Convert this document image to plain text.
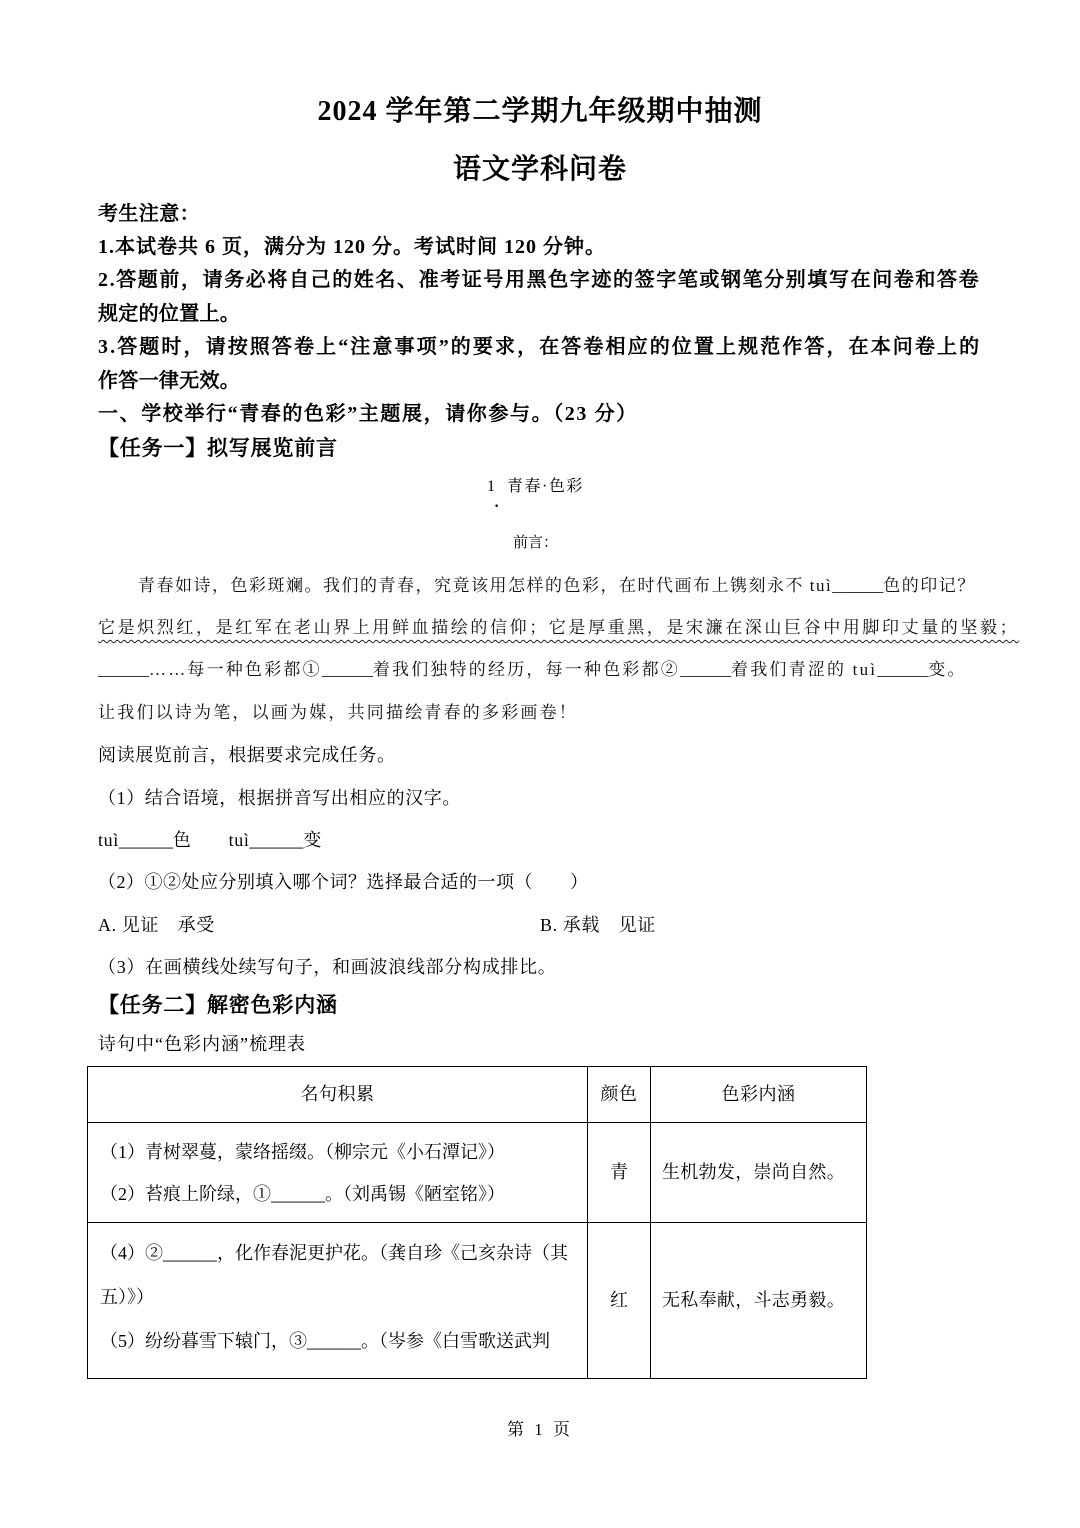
2024 学年第二学期九年级期中抽测
语文学科问卷
考生注意：
1.本试卷共 6 页，满分为 120 分。考试时间 120 分钟。
2.答题前，请务必将自己的姓名、准考证号用黑色字迹的签字笔或钢笔分别填写在问卷和答卷
规定的位置上。
3.答题时，请按照答卷上“注意事项”的要求，在答卷相应的位置上规范作答，在本问卷上的
作答一律无效。
一、学校举行“青春的色彩”主题展，请你参与。（23 分）
【任务一】拟写展览前言
1 青春·色彩
·
前言：
青春如诗，色彩斑斓。我们的青春，究竟该用怎样的色彩，在时代画布上镌刻永不 tuì______色的印记？
它是炽烈红，是红军在老山界上用鲜血描绘的信仰；它是厚重黑，是宋濂在深山巨谷中用脚印丈量的坚毅；
______……每一种色彩都①______着我们独特的经历，每一种色彩都②______着我们青涩的 tuì______变。
让我们以诗为笔，以画为媒，共同描绘青春的多彩画卷！
阅读展览前言，根据要求完成任务。
（1）结合语境，根据拼音写出相应的汉字。
tuì______色　　tuì______变
（2）①②处应分别填入哪个词？选择最合适的一项（　　）
A. 见证　承受	B. 承载　见证
（3）在画横线处续写句子，和画波浪线部分构成排比。
【任务二】解密色彩内涵
诗句中“色彩内涵”梳理表
名句积累	颜色	色彩内涵

（1）青树翠蔓，蒙络摇缀。（柳宗元《小石潭记》）
（2）苔痕上阶绿，①______。（刘禹锡《陋室铭》）	青	生机勃发，崇尚自然。

（4）②______，化作春泥更护花。（龚自珍《己亥杂诗（其五）》）
（5）纷纷暮雪下辕门，③______。（岑参《白雪歌送武判	红	无私奉献，斗志勇毅。
第 1 页
